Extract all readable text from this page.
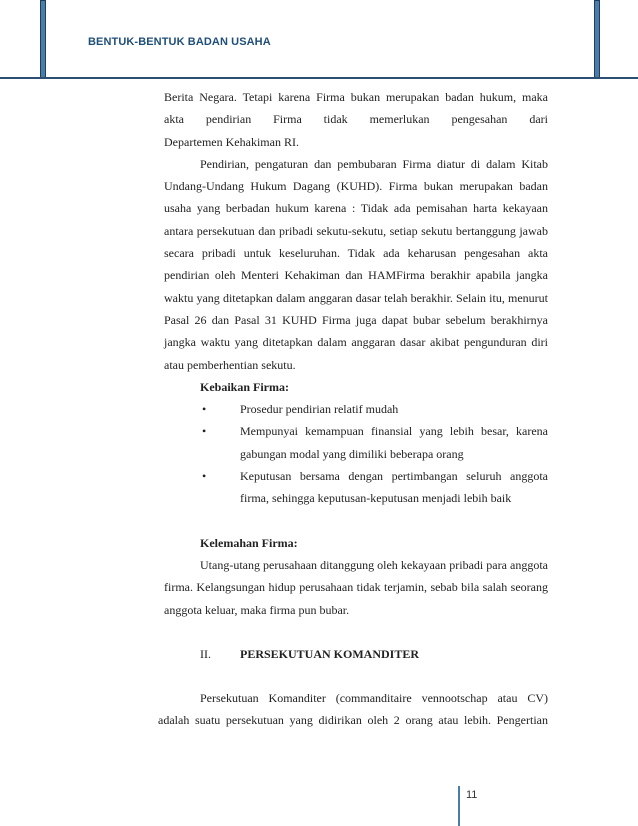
BENTUK-BENTUK BADAN USAHA

Berita Negara. Tetapi karena Firma bukan merupakan badan hukum, maka

akta pendirian Firma tidak memerlukan pengesahan dari

Departemen Kehakiman RI.

Pendirian, pengaturan dan pembubaran Firma diatur di dalam Kitab Undang-Undang Hukum Dagang (KUHD). Firma bukan merupakan badan usaha yang berbadan hukum karena : Tidak ada pemisahan harta kekayaan antara persekutuan dan pribadi sekutu-sekutu, setiap sekutu bertanggung jawab secara pribadi untuk keseluruhan. Tidak ada keharusan pengesahan akta pendirian oleh Menteri Kehakiman dan HAMFirma berakhir apabila jangka waktu yang ditetapkan dalam anggaran dasar telah berakhir. Selain itu, menurut Pasal 26 dan Pasal 31 KUHD Firma juga dapat bubar sebelum berakhirnya jangka waktu yang ditetapkan dalam anggaran dasar akibat pengunduran diri atau pemberhentian sekutu.

Kebaikan Firma:

•	Prosedur pendirian relatif mudah
•	Mempunyai kemampuan finansial yang lebih besar, karena gabungan modal yang dimiliki beberapa orang
•	Keputusan bersama dengan pertimbangan seluruh anggota firma, sehingga keputusan-keputusan menjadi lebih baik

Kelemahan Firma:

Utang-utang perusahaan ditanggung oleh kekayaan pribadi para anggota firma. Kelangsungan hidup perusahaan tidak terjamin, sebab bila salah seorang anggota keluar, maka firma pun bubar.

II.	PERSEKUTUAN KOMANDITER

Persekutuan Komanditer (commanditaire vennootschap atau CV)

adalah suatu persekutuan yang didirikan oleh 2 orang atau lebih. Pengertian

11
